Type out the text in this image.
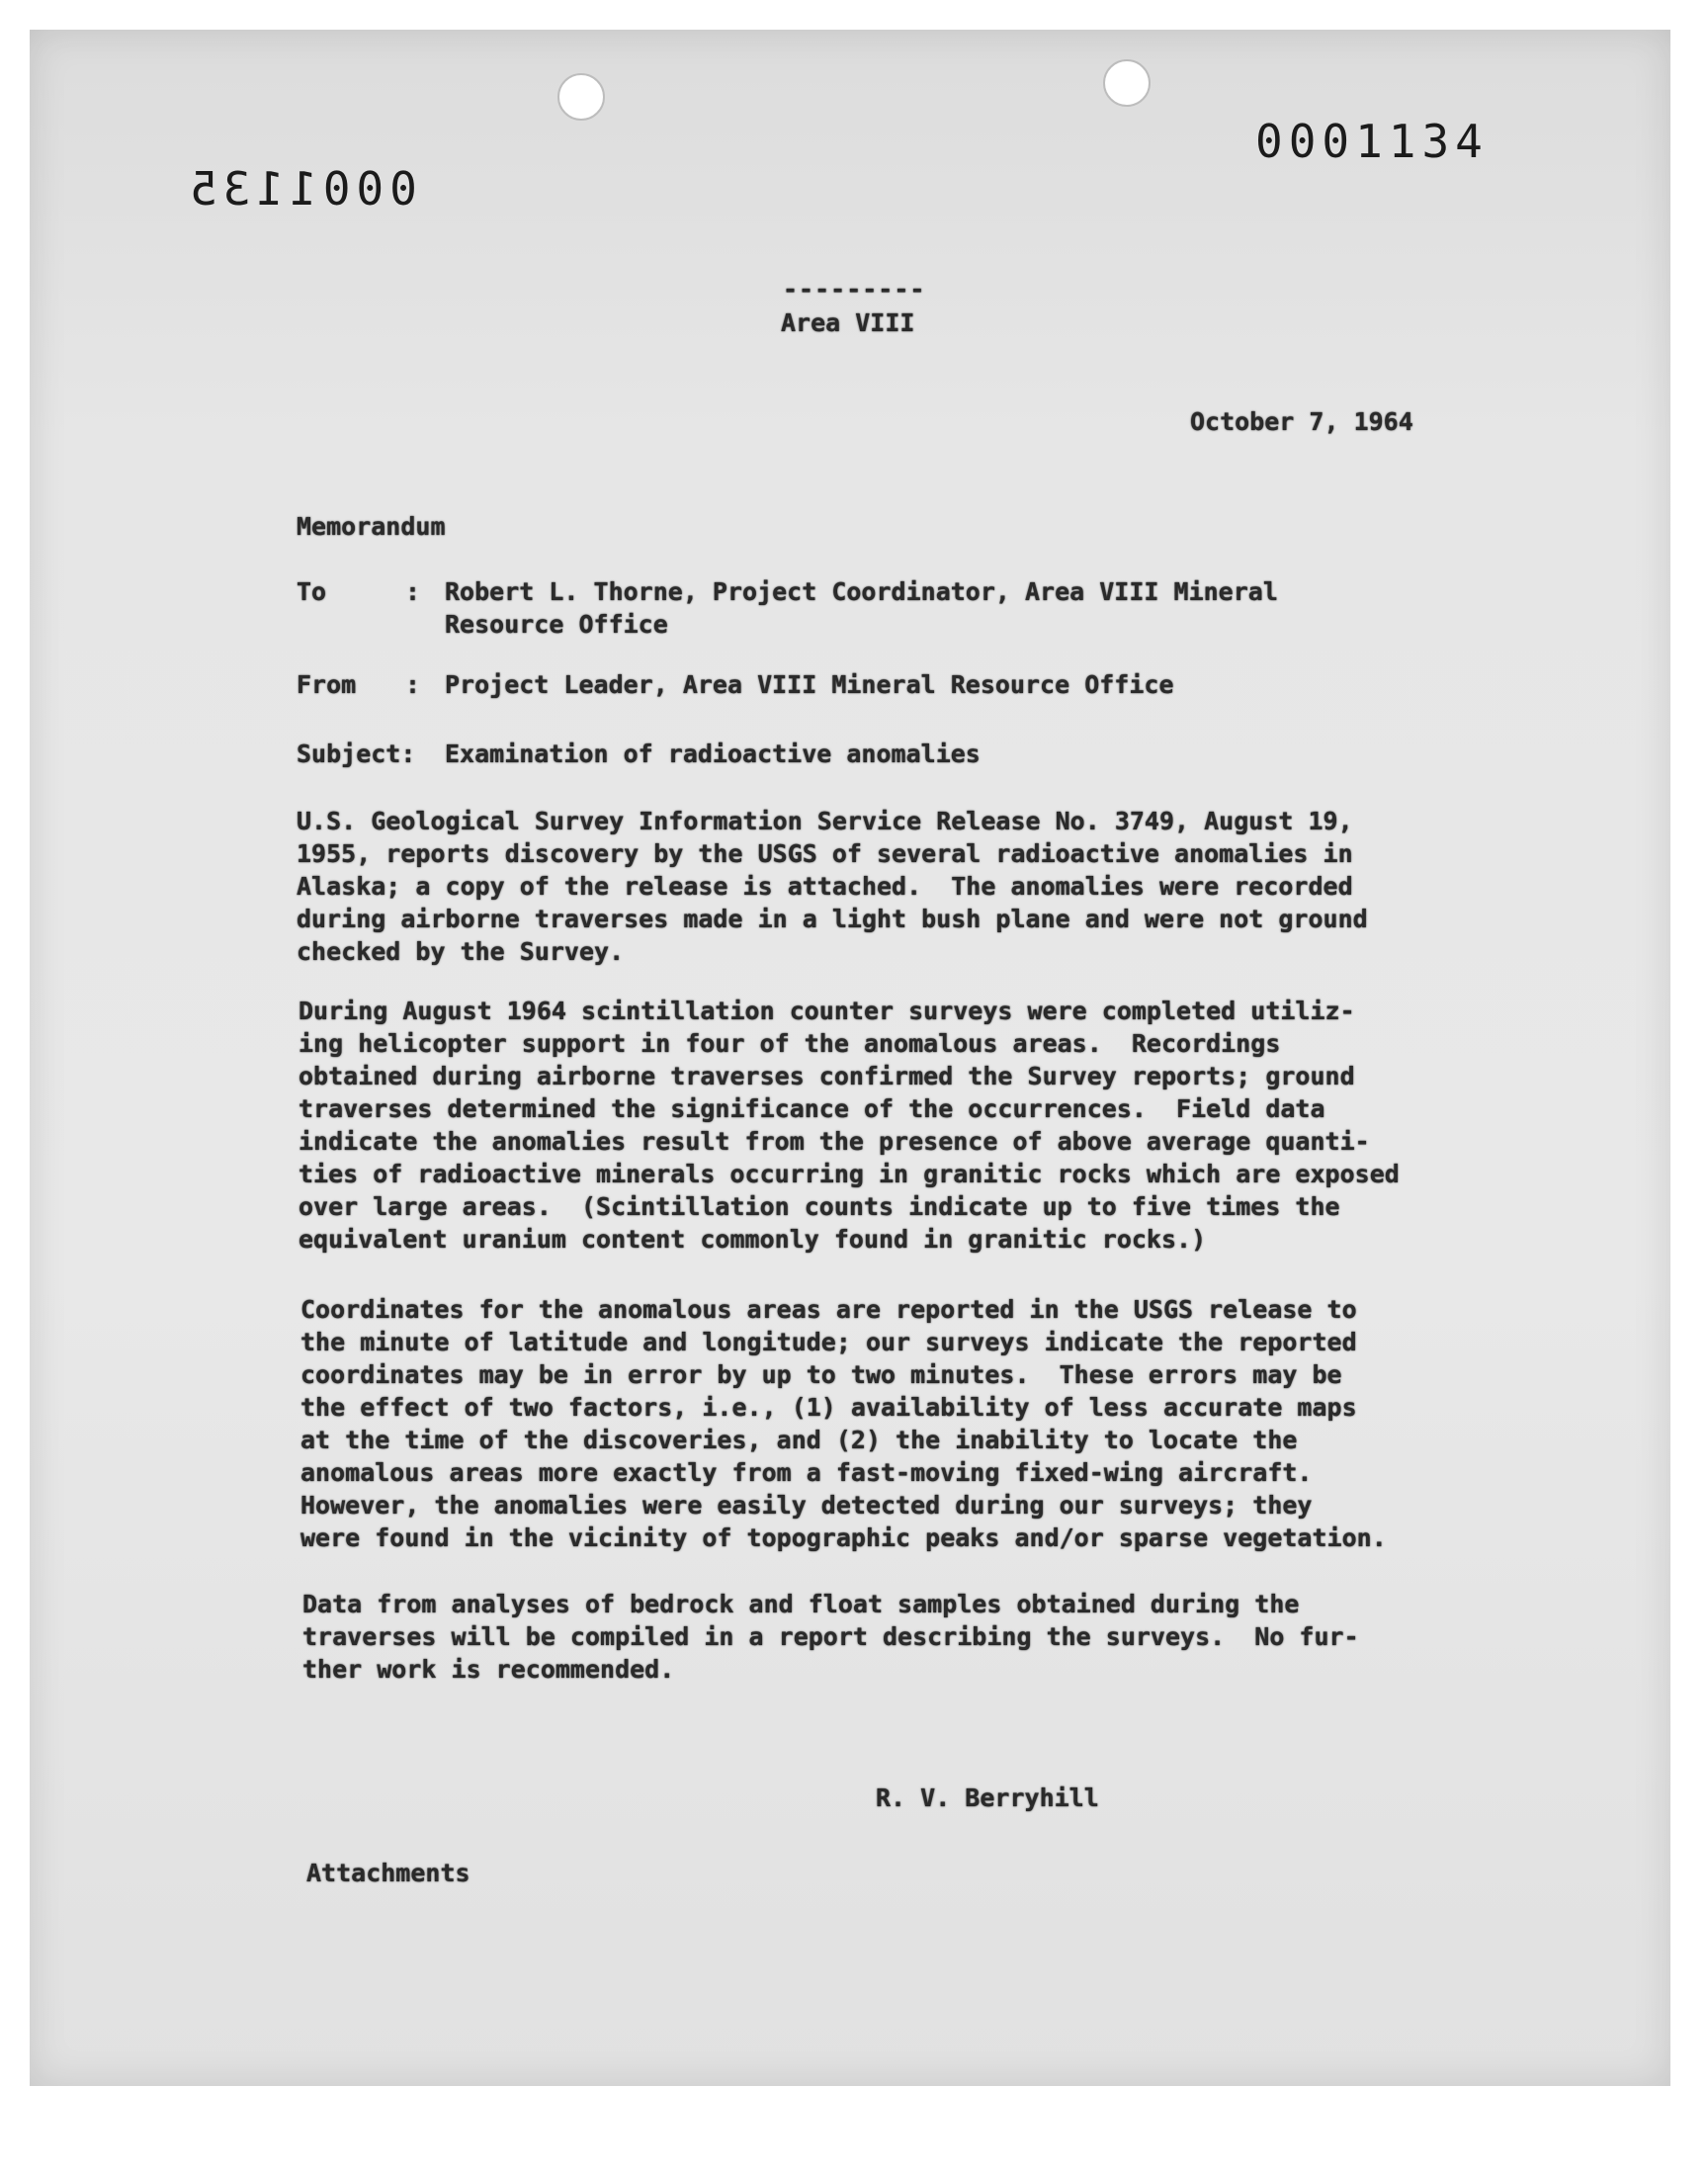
0001134
0001135

---------

Area VIII

October 7, 1964

Memorandum

To	: Robert L. Thorne, Project Coordinator, Area VIII Mineral
Resource Office
From	: Project Leader, Area VIII Mineral Resource Office
Subject:	Examination of radioactive anomalies

U.S. Geological Survey Information Service Release No. 3749, August 19,
1955, reports discovery by the USGS of several radioactive anomalies in
Alaska; a copy of the release is attached.  The anomalies were recorded
during airborne traverses made in a light bush plane and were not ground
checked by the Survey.

During August 1964 scintillation counter surveys were completed utiliz-
ing helicopter support in four of the anomalous areas.  Recordings
obtained during airborne traverses confirmed the Survey reports; ground
traverses determined the significance of the occurrences.  Field data
indicate the anomalies result from the presence of above average quanti-
ties of radioactive minerals occurring in granitic rocks which are exposed
over large areas.  (Scintillation counts indicate up to five times the
equivalent uranium content commonly found in granitic rocks.)

Coordinates for the anomalous areas are reported in the USGS release to
the minute of latitude and longitude; our surveys indicate the reported
coordinates may be in error by up to two minutes.  These errors may be
the effect of two factors, i.e., (1) availability of less accurate maps
at the time of the discoveries, and (2) the inability to locate the
anomalous areas more exactly from a fast-moving fixed-wing aircraft.
However, the anomalies were easily detected during our surveys; they
were found in the vicinity of topographic peaks and/or sparse vegetation.

Data from analyses of bedrock and float samples obtained during the
traverses will be compiled in a report describing the surveys.  No fur-
ther work is recommended.

R. V. Berryhill

Attachments
